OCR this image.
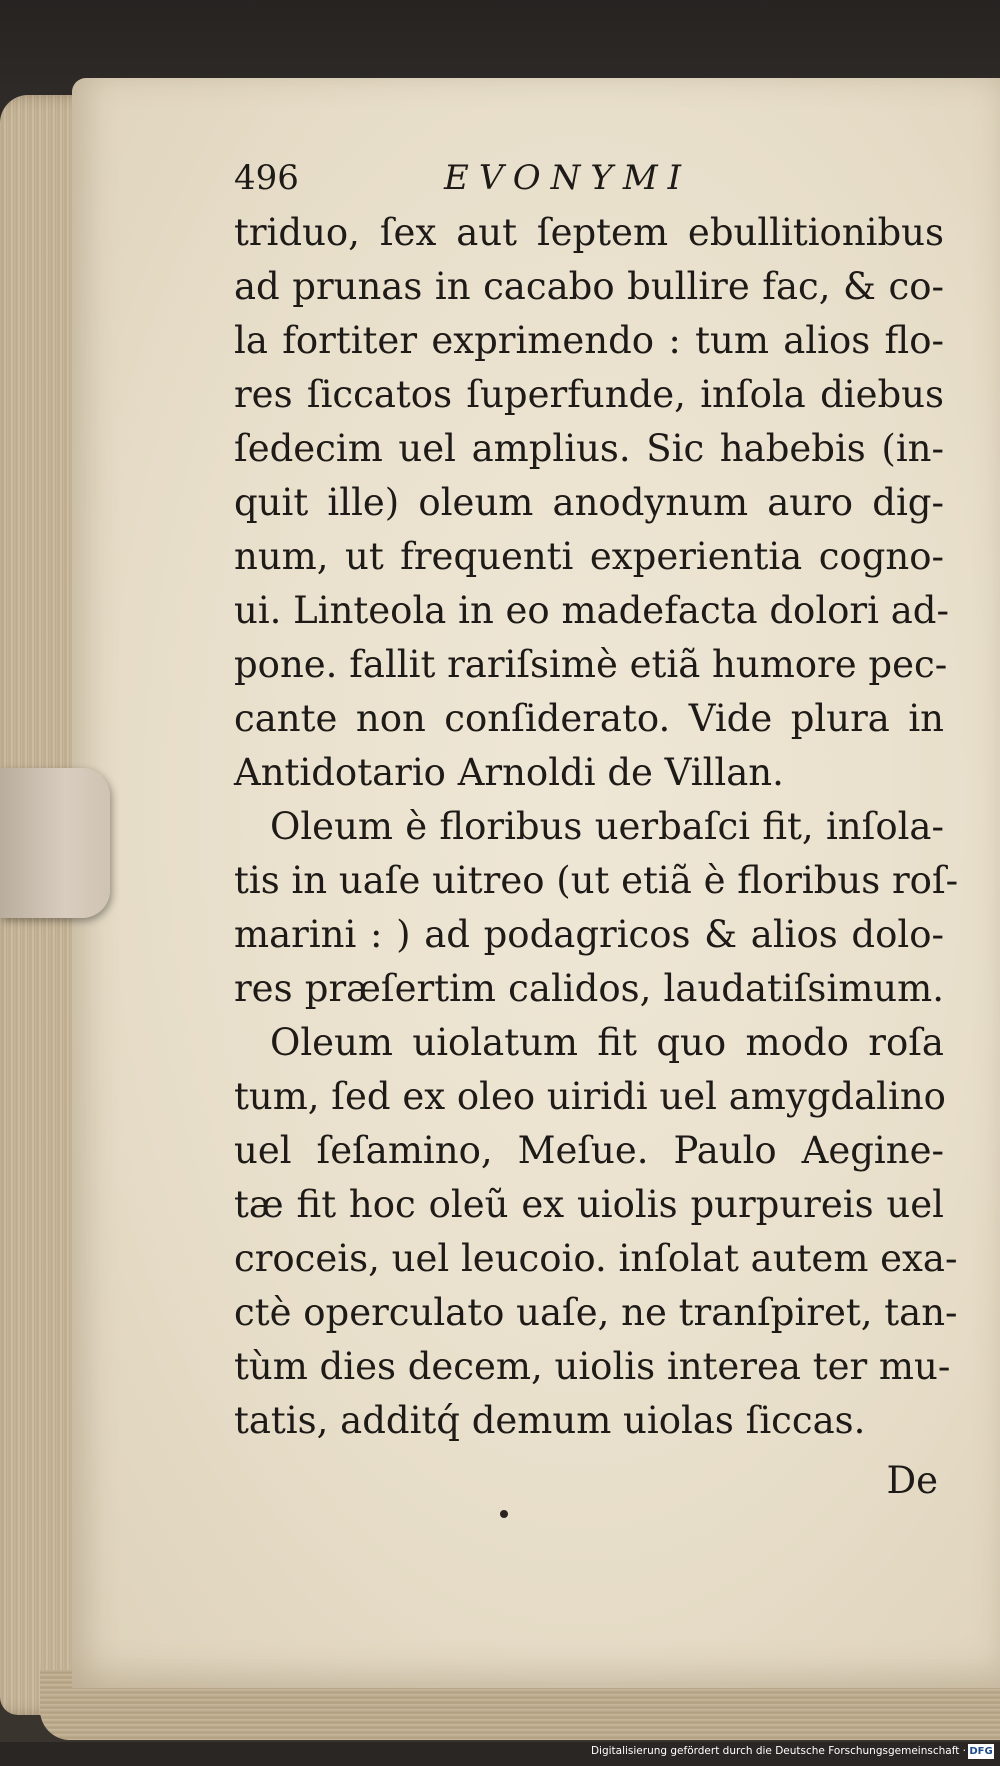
496	EVONYMI
triduo, ſex aut ſeptem ebullitionibus
ad prunas in cacabo bullire fac, & co-
la fortiter exprimendo : tum alios flo-
res ſiccatos ſuperfunde, inſola diebus
ſedecim uel amplius. Sic habebis (in-
quit ille) oleum anodynum auro dig-
num, ut frequenti experientia cogno-
ui. Linteola in eo madefacta dolori ad-
pone. fallit rariſsimè etiã humore pec-
cante non conſiderato. Vide plura in
Antidotario Arnoldi de Villan.
Oleum è floribus uerbaſci fit, inſola-
tis in uaſe uitreo (ut etiã è floribus roſ-
marini : ) ad podagricos & alios dolo-
res præſertim calidos, laudatiſsimum.
Oleum uiolatum fit quo modo roſa
tum, ſed ex oleo uiridi uel amygdalino
uel ſeſamino, Meſue. Paulo Aegine-
tæ fit hoc oleũ ex uiolis purpureis uel
croceis, uel leucoio. inſolat autem exa-
ctè operculato uaſe, ne tranſpiret, tan-
tùm dies decem, uiolis interea ter mu-
tatis, additq́ demum uiolas ſiccas.
De
Digitalisierung gefördert durch die Deutsche Forschungsgemeinschaft · DFG
